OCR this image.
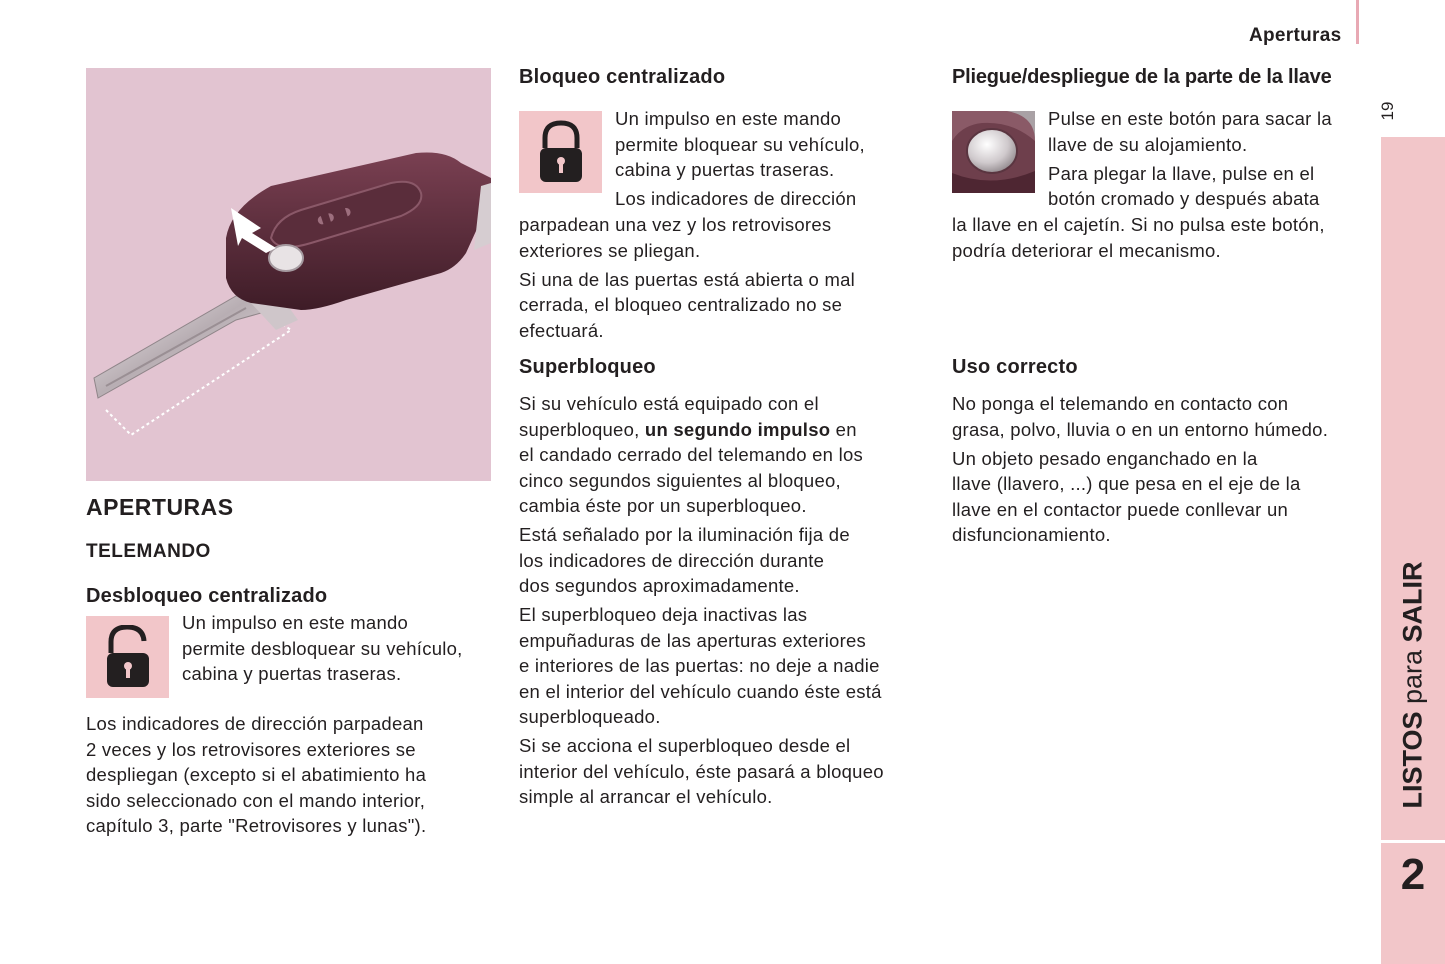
Aperturas
19
2
LISTOS para SALIR
◖◗ ◗
APERTURAS
TELEMANDO
Desbloqueo centralizado

Un impulso en este mando

permite desbloquear su vehículo,

cabina y puertas traseras.

Los indicadores de dirección parpadean

2 veces y los retrovisores exteriores se

despliegan (excepto si el abatimiento ha

sido seleccionado con el mando interior,

capítulo 3, parte "Retrovisores y lunas").

Bloqueo centralizado

Un impulso en este mando

permite bloquear su vehículo,

cabina y puertas traseras.

Los indicadores de dirección

parpadean una vez y los retrovisores

exteriores se pliegan.

Si una de las puertas está abierta o mal

cerrada, el bloqueo centralizado no se

efectuará.

Superbloqueo

Si su vehículo está equipado con el

superbloqueo, un segundo impulso en

el candado cerrado del telemando en los

cinco segundos siguientes al bloqueo,

cambia éste por un superbloqueo.

Está señalado por la iluminación fija de

los indicadores de dirección durante

dos segundos aproximadamente.

El superbloqueo deja inactivas las

empuñaduras de las aperturas exteriores

e interiores de las puertas: no deje a nadie

en el interior del vehículo cuando éste está

superbloqueado.

Si se acciona el superbloqueo desde el

interior del vehículo, éste pasará a bloqueo

simple al arrancar el vehículo.

Pliegue/despliegue de la parte de la llave

Pulse en este botón para sacar la

llave de su alojamiento.

Para plegar la llave, pulse en el

botón cromado y después abata

la llave en el cajetín. Si no pulsa este botón,

podría deteriorar el mecanismo.

Uso correcto

No ponga el telemando en contacto con

grasa, polvo, lluvia o en un entorno húmedo.

Un objeto pesado enganchado en la

llave (llavero, ...) que pesa en el eje de la

llave en el contactor puede conllevar un

disfuncionamiento.
